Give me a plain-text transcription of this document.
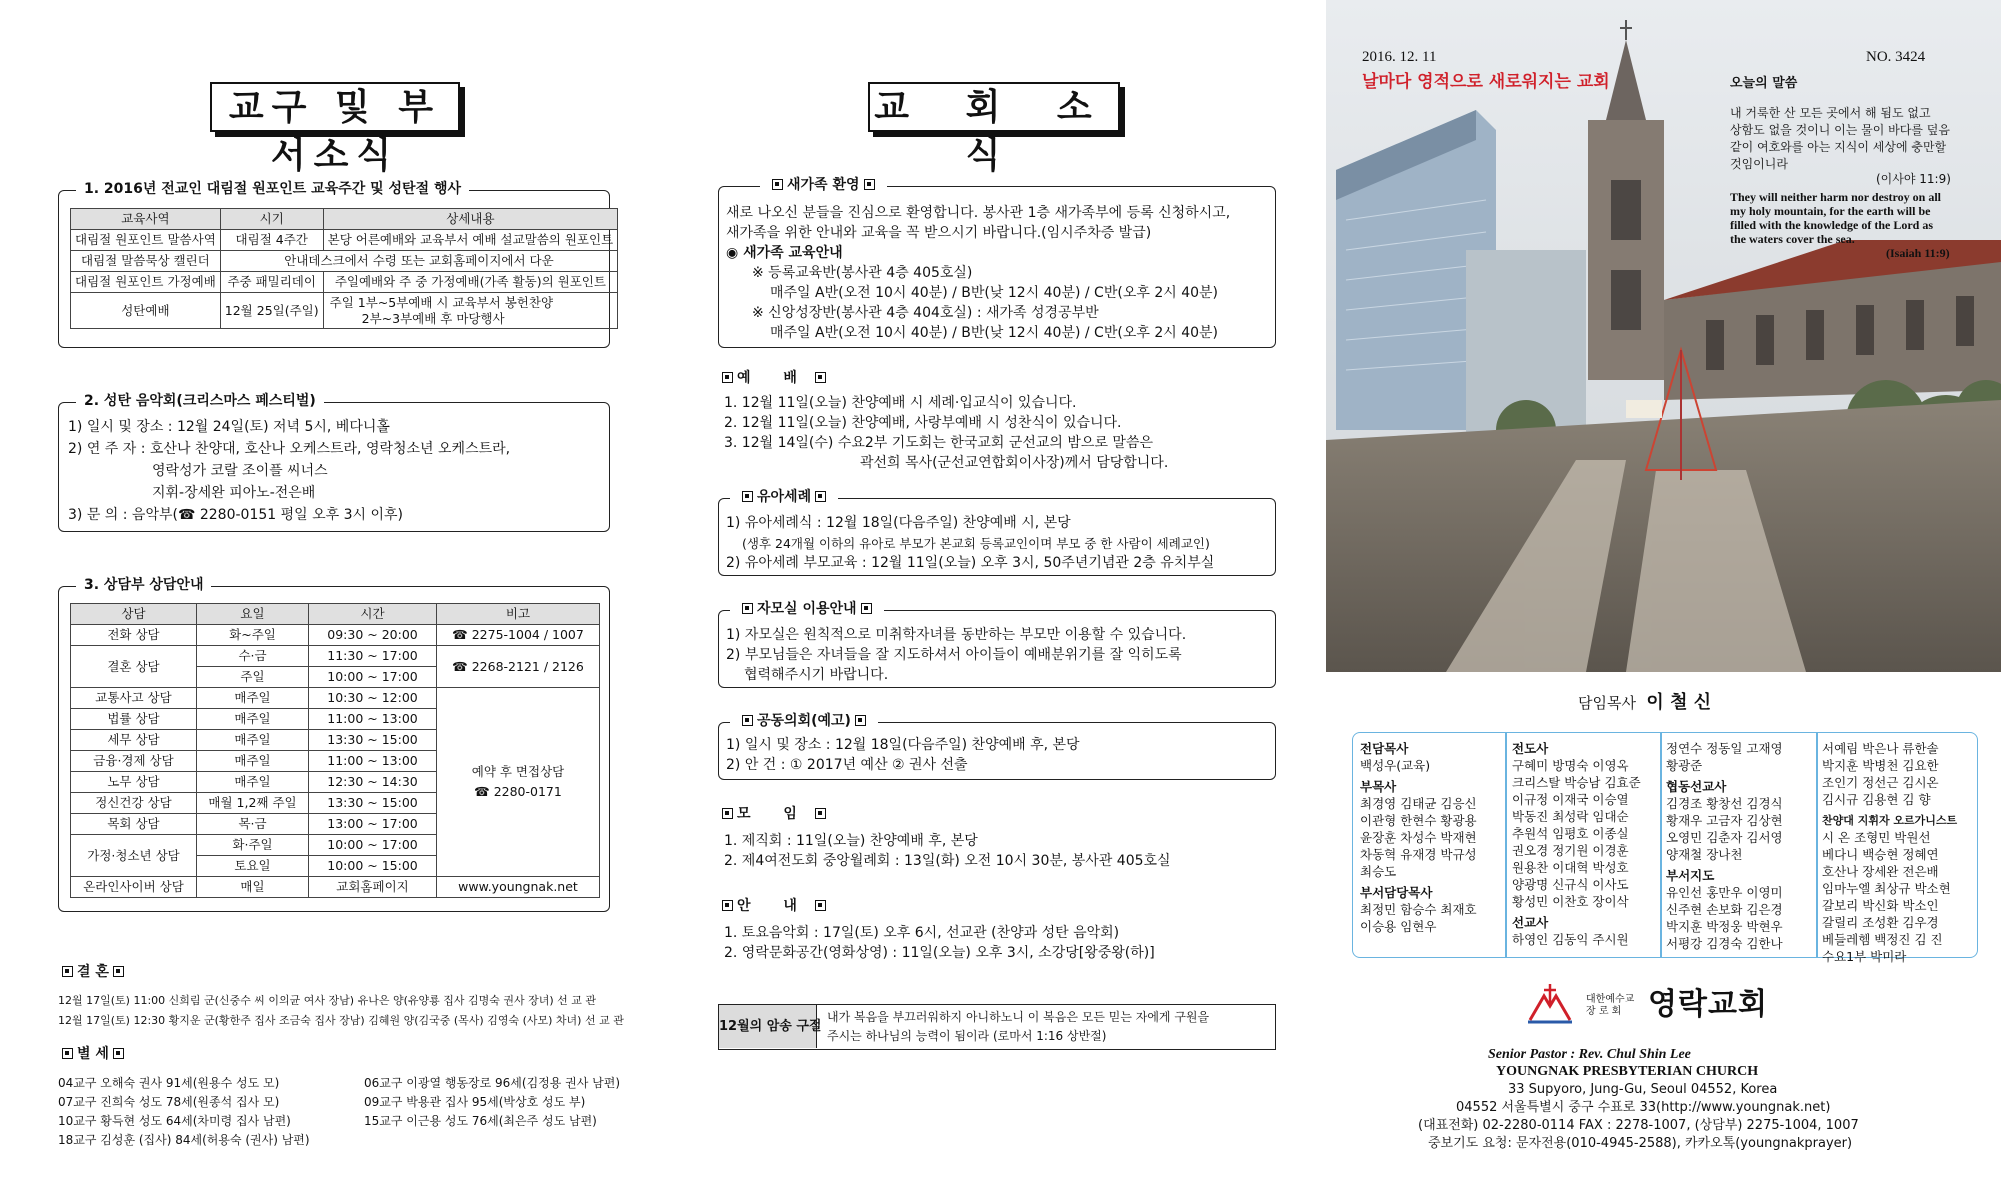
교구 및 부서소식
1. 2016년 전교인 대림절 원포인트 교육주간 및 성탄절 행사
교육사역	시기	상세내용
대림절 원포인트 말씀사역	대림절 4주간	본당 어른예배와 교육부서 예배 설교말씀의 원포인트
대림절 말씀묵상 캘린더	안내데스크에서 수령 또는 교회홈페이지에서 다운	
대림절 원포인트 가정예배	주중 패밀리데이	주일예배와 주 중 가정예배(가족 활동)의 원포인트
성탄예배	12월 25일(주일)	주일 1부~5부예배 시 교육부서 봉헌찬양
2부~3부예배 후 마당행사
2. 성탄 음악회(크리스마스 페스티벌)
1) 일시 및 장소 : 12월 24일(토) 저녁 5시, 베다니홀
2) 연 주 자 : 호산나 찬양대, 호산나 오케스트라, 영락청소년 오케스트라,
영락성가 코랄 조이플 씨너스
지휘-장세완 피아노-전은배
3) 문 의 : 음악부(☎ 2280-0151 평일 오후 3시 이후)
3. 상담부 상담안내
상담	요일	시간	비고
전화 상담	화~주일	09:30 ~ 20:00	☎ 2275-1004 / 1007
결혼 상담	수·금	11:30 ~ 17:00	☎ 2268-2121 / 2126
	주일	10:00 ~ 17:00	
교통사고 상담	매주일	10:30 ~ 12:00	예약 후 면접상담
☎ 2280-0171
법률 상담	매주일	11:00 ~ 13:00	
세무 상담	매주일	13:30 ~ 15:00	
금융·경제 상담	매주일	11:00 ~ 13:00	
노무 상담	매주일	12:30 ~ 14:30	
정신건강 상담	매월 1,2째 주일	13:30 ~ 15:00	
목회 상담	목·금	13:00 ~ 17:00	
가정·청소년 상담	화·주일	10:00 ~ 17:00	
	토요일	10:00 ~ 15:00	
온라인사이버 상담	매일	교회홈페이지	www.youngnak.net
결 혼
12월 17일(토) 11:00 신희림 군(신중수 씨 이의균 여사 장남) 유나은 양(유양룡 집사 김명숙 권사 장녀) 선 교 관
12월 17일(토) 12:30 황지운 군(황한주 집사 조금숙 집사 장남) 김혜원 양(김국중 (목사) 김영숙 (사모) 차녀) 선 교 관
별 세
04교구 오해숙 권사 91세(원용수 성도 모)
07교구 진희숙 성도 78세(원종석 집사 모)
10교구 황득현 성도 64세(차미령 집사 남편)
18교구 김성훈 (집사) 84세(허용숙 (권사) 남편)
06교구 이광열 행동장로 96세(김정용 권사 남편)
09교구 박용관 집사 95세(박상호 성도 부)
15교구 이근용 성도 76세(최은주 성도 남편)
교 회 소 식
새가족 환영
새로 나오신 분들을 진심으로 환영합니다. 봉사관 1층 새가족부에 등록 신청하시고,
새가족을 위한 안내와 교육을 꼭 받으시기 바랍니다.(임시주차증 발급)
◉ 새가족 교육안내
※ 등록교육반(봉사관 4층 405호실)
매주일 A반(오전 10시 40분) / B반(낮 12시 40분) / C반(오후 2시 40분)
※ 신앙성장반(봉사관 4층 404호실) : 새가족 성경공부반
매주일 A반(오전 10시 40분) / B반(낮 12시 40분) / C반(오후 2시 40분)
예 배
1. 12월 11일(오늘) 찬양예배 시 세례·입교식이 있습니다.
2. 12월 11일(오늘) 찬양예배, 사랑부예배 시 성찬식이 있습니다.
3. 12월 14일(수) 수요2부 기도회는 한국교회 군선교의 밤으로 말씀은
곽선희 목사(군선교연합회이사장)께서 담당합니다.
유아세례
1) 유아세례식 : 12월 18일(다음주일) 찬양예배 시, 본당
(생후 24개월 이하의 유아로 부모가 본교회 등록교인이며 부모 중 한 사람이 세례교인)
2) 유아세례 부모교육 : 12월 11일(오늘) 오후 3시, 50주년기념관 2층 유치부실
자모실 이용안내
1) 자모실은 원칙적으로 미취학자녀를 동반하는 부모만 이용할 수 있습니다.
2) 부모님들은 자녀들을 잘 지도하셔서 아이들이 예배분위기를 잘 익히도록
협력해주시기 바랍니다.
공동의회(예고)
1) 일시 및 장소 : 12월 18일(다음주일) 찬양예배 후, 본당
2) 안 건 : ① 2017년 예산 ② 권사 선출
모 임
1. 제직회 : 11일(오늘) 찬양예배 후, 본당
2. 제4여전도회 중앙월례회 : 13일(화) 오전 10시 30분, 봉사관 405호실
안 내
1. 토요음악회 : 17일(토) 오후 6시, 선교관 (찬양과 성탄 음악회)
2. 영락문화공간(영화상영) : 11일(오늘) 오후 3시, 소강당[왕중왕(하)]
12월의 암송 구절
내가 복음을 부끄러워하지 아니하노니 이 복음은 모든 믿는 자에게 구원을
주시는 하나님의 능력이 됨이라 (로마서 1:16 상반절)
2016. 12. 11	NO. 3424
날마다 영적으로 새로워지는 교회	오늘의 말씀
내 거룩한 산 모든 곳에서 해 됨도 없고
상함도 없을 것이니 이는 물이 바다를 덮음
같이 여호와를 아는 지식이 세상에 충만할
것임이니라
(이사야 11:9)
They will neither harm nor destroy on all
my holy mountain, for the earth will be
filled with the knowledge of the Lord as
the waters cover the sea.
(Isaiah 11:9)
담임목사 이 철 신
전담목사
백성우(교육)
부목사
최경영 김태균 김응신
이관형 한현수 황광용
윤장훈 차성수 박재현
차동혁 유재경 박규성
최승도
부서담당목사
최정민 함승수 최재호
이승용 임현우
전도사
구혜미 방명숙 이영옥
크리스탈 박승남 김효준
이규정 이재국 이승열
박동진 최성락 임대순
추원석 임평호 이종실
권오경 정기원 이경훈
원용찬 이대혁 박성호
양광명 신규식 이사도
황성민 이찬호 장이삭
선교사
하영인 김동익 주시원
정연수 정동일 고재영
황광준
협동선교사
김경조 황창선 김경식
황재우 고금자 김상현
오영민 김춘자 김서영
양재철 장나천
부서지도
유인선 홍만우 이영미
신주현 손보화 김은경
박지훈 박정웅 박현우
서평강 김경숙 김한나
서예림 박은나 류한솔
박지훈 박병천 김요한
조인기 정선근 김시온
김시규 김용현 김 향
찬양대 지휘자 오르가니스트
시 온 조형민 박원선
베다니 백승현 정혜연
호산나 장세완 전은배
임마누엘 최상규 박소현
갈보리 박신화 박소인
갈릴리 조성환 김우경
베들레헴 백정진 김 진
수요1부 박미라
대한예수교
장 로 회 영락교회
Senior Pastor : Rev. Chul Shin Lee
YOUNGNAK PRESBYTERIAN CHURCH
33 Supyoro, Jung-Gu, Seoul 04552, Korea
04552 서울특별시 중구 수표로 33(http://www.youngnak.net)
(대표전화) 02-2280-0114 FAX : 2278-1007, (상담부) 2275-1004, 1007
중보기도 요청: 문자전용(010-4945-2588), 카카오톡(youngnakprayer)
